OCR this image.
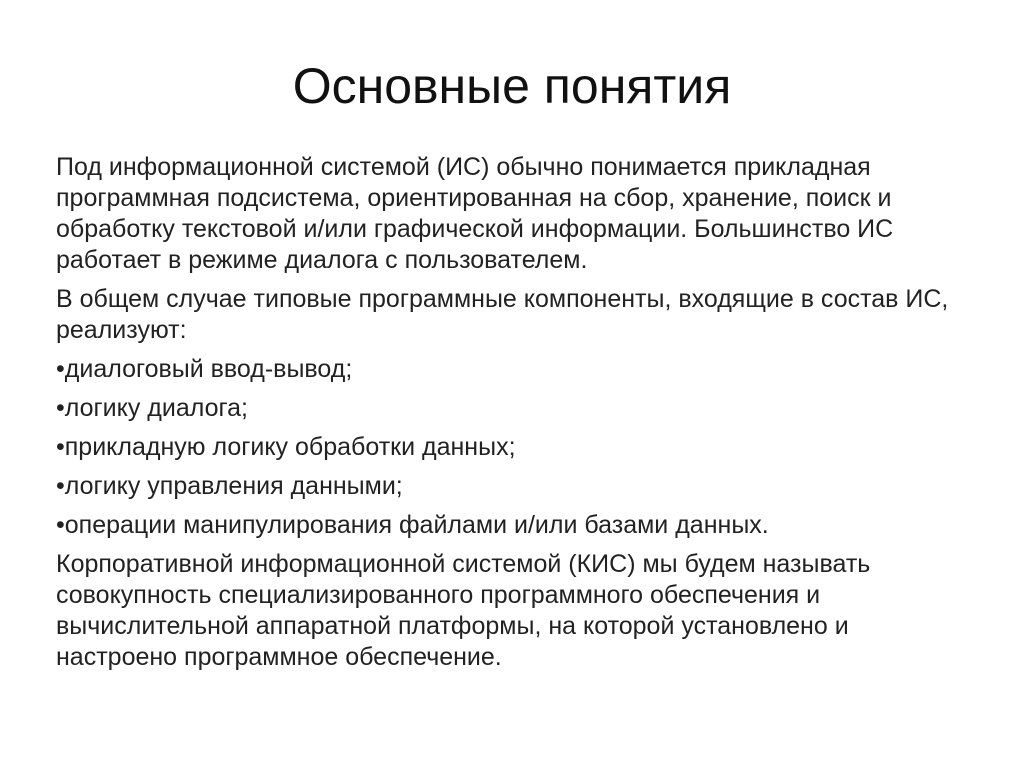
Основные понятия

Под информационной системой (ИС) обычно понимается прикладная программная подсистема, ориентированная на сбор, хранение, поиск и обработку текстовой и/или графической информации. Большинство ИС работает в режиме диалога с пользователем.

В общем случае типовые программные компоненты, входящие в состав ИС, реализуют:

•диалоговый ввод-вывод;

•логику диалога;

•прикладную логику обработки данных;

•логику управления данными;

•операции манипулирования файлами и/или базами данных.

Корпоративной информационной системой (КИС) мы будем называть совокупность специализированного программного обеспечения и вычислительной аппаратной платформы, на которой установлено и настроено программное обеспечение.
